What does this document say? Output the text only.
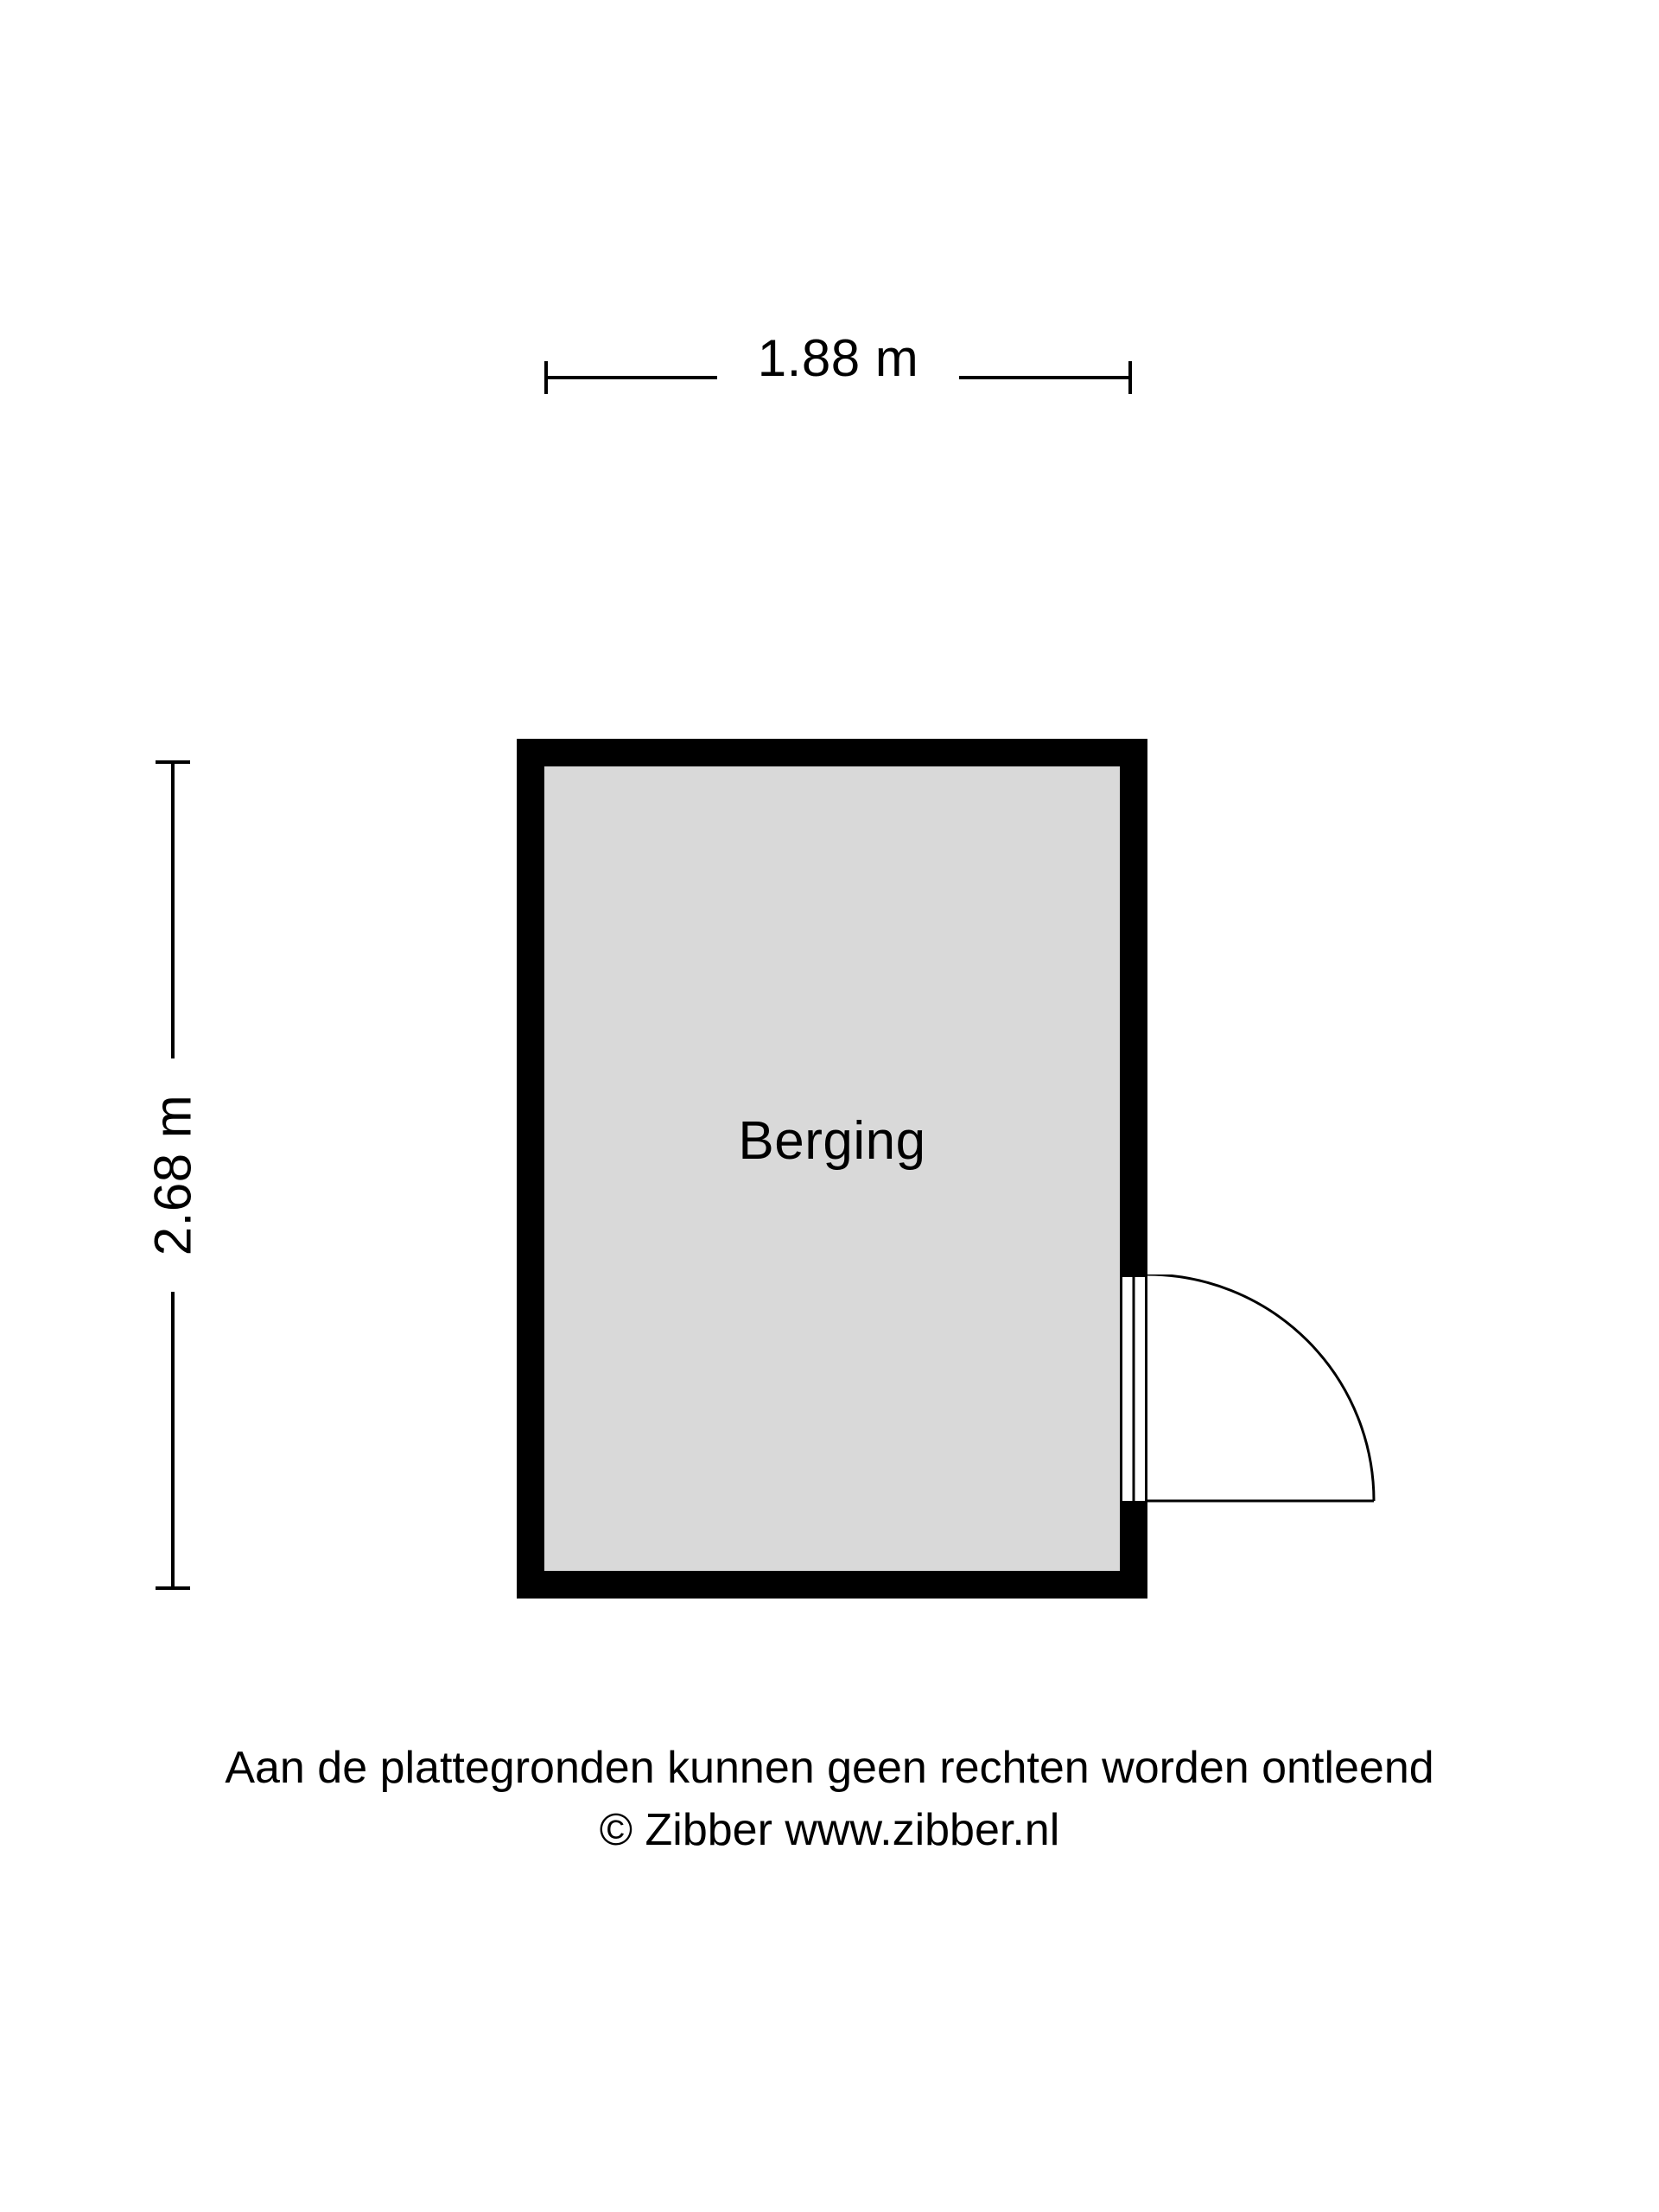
1.88 m
2.68 m	Berging
Aan de plattegronden kunnen geen rechten worden ontleend
© Zibber www.zibber.nl
